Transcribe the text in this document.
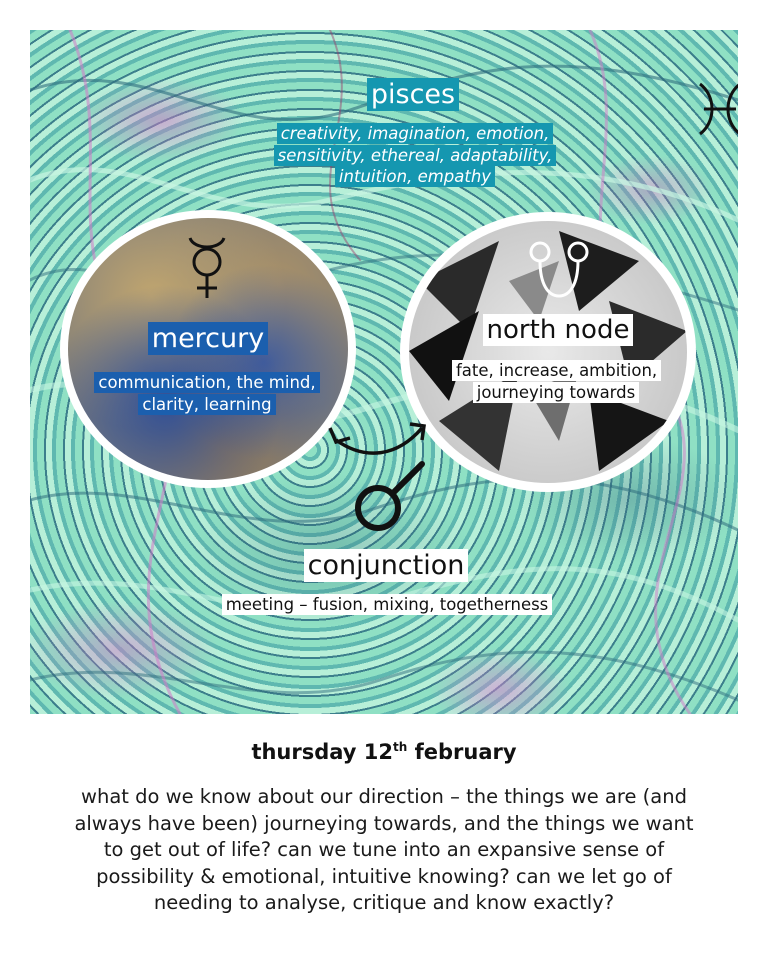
pisces
creativity, imagination, emotion, sensitivity, ethereal, adaptability, intuition, empathy
mercury
communication, the mind, clarity, learning
north node
fate, increase, ambition, journeying towards
conjunction
meeting – fusion, mixing, togetherness
thursday 12th february
what do we know about our direction – the things we are (and always have been) journeying towards, and the things we want to get out of life? can we tune into an expansive sense of possibility & emotional, intuitive knowing? can we let go of needing to analyse, critique and know exactly?
